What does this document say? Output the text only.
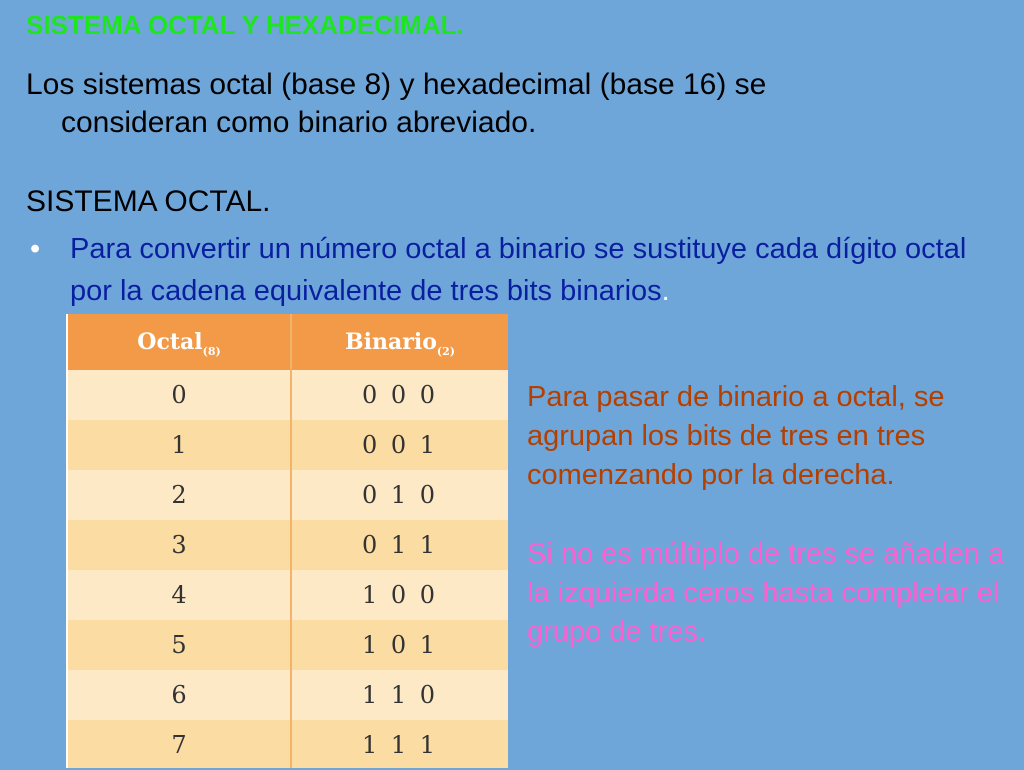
SISTEMA OCTAL Y HEXADECIMAL.
Los sistemas octal (base 8) y hexadecimal (base 16) se
consideran como binario abreviado.
SISTEMA OCTAL.
•	Para convertir un número octal a binario se sustituye cada dígito octal por la cadena equivalente de tres bits binarios.
Octal$_{(8)}$	Binario$_{(2)}$
0	0 0 0
1	0 0 1
2	0 1 0
3	0 1 1
4	1 0 0
5	1 0 1
6	1 1 0
7	1 1 1
Para pasar de binario a octal, se agrupan los bits de tres en tres comenzando por la derecha.
Si no es múltiplo de tres se añaden a la izquierda ceros hasta completar el grupo de tres.
